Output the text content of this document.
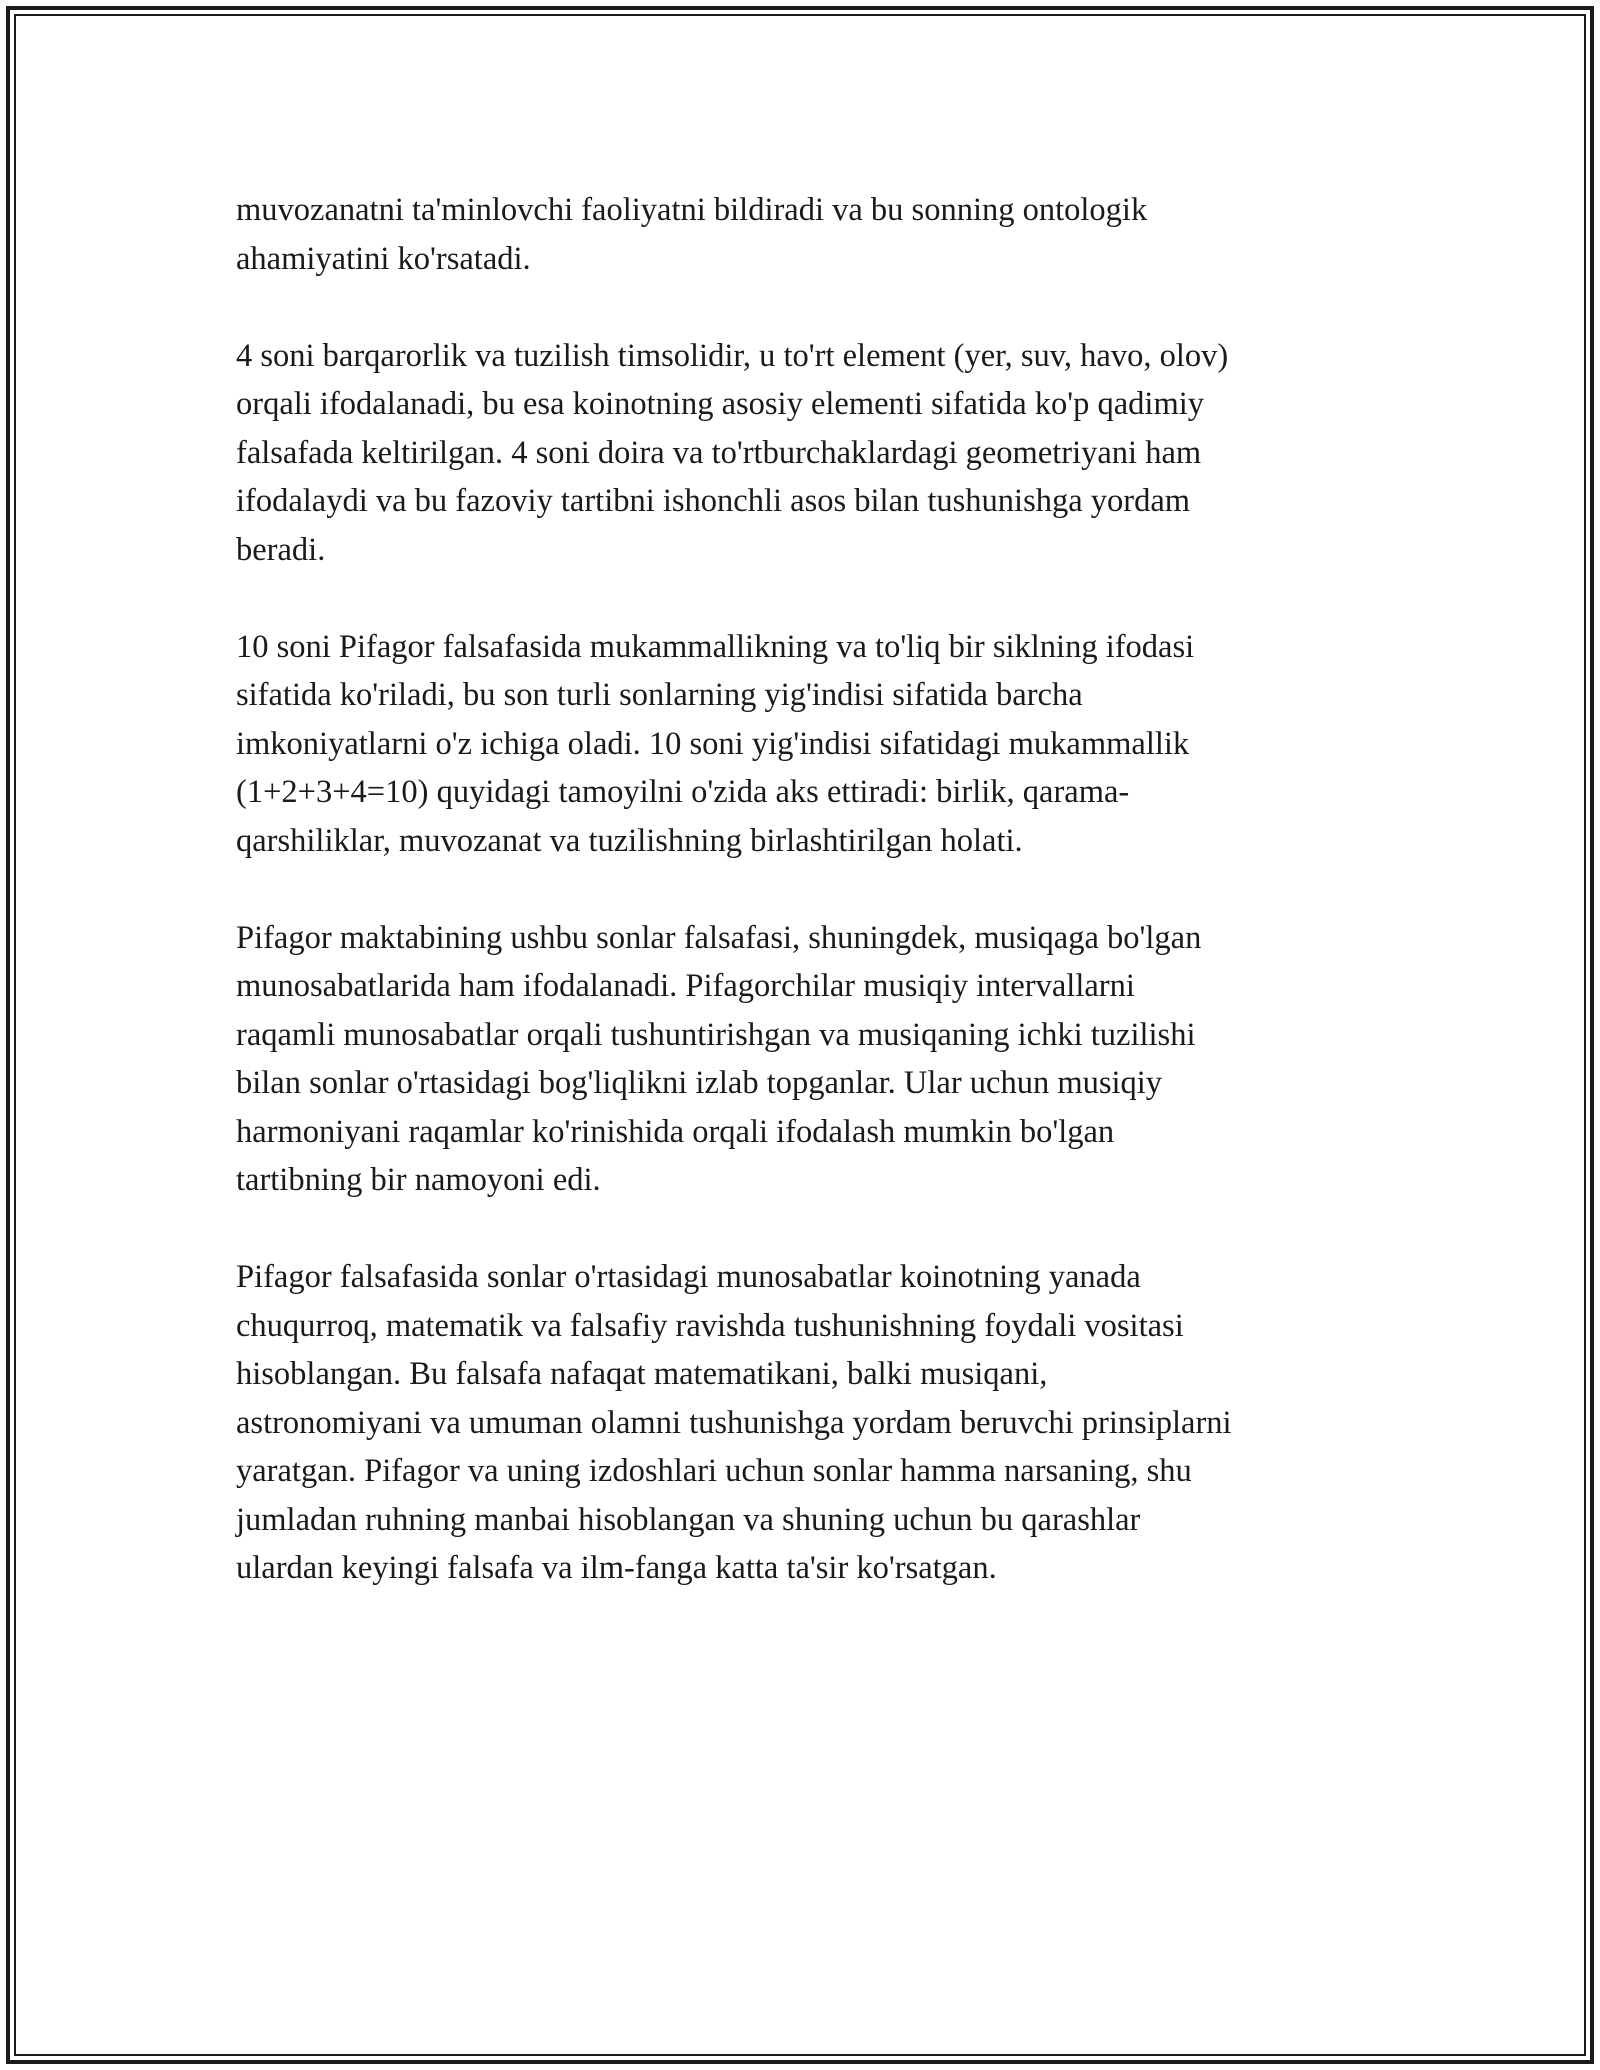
muvozanatni ta'minlovchi faoliyatni bildiradi va bu sonning ontologik
ahamiyatini ko'rsatadi.

4 soni barqarorlik va tuzilish timsolidir, u to'rt element (yer, suv, havo, olov)
orqali ifodalanadi, bu esa koinotning asosiy elementi sifatida ko'p qadimiy
falsafada keltirilgan. 4 soni doira va to'rtburchaklardagi geometriyani ham
ifodalaydi va bu fazoviy tartibni ishonchli asos bilan tushunishga yordam
beradi.

10 soni Pifagor falsafasida mukammallikning va to'liq bir siklning ifodasi
sifatida ko'riladi, bu son turli sonlarning yig'indisi sifatida barcha
imkoniyatlarni o'z ichiga oladi. 10 soni yig'indisi sifatidagi mukammallik
(1+2+3+4=10) quyidagi tamoyilni o'zida aks ettiradi: birlik, qarama-
qarshiliklar, muvozanat va tuzilishning birlashtirilgan holati.

Pifagor maktabining ushbu sonlar falsafasi, shuningdek, musiqaga bo'lgan
munosabatlarida ham ifodalanadi. Pifagorchilar musiqiy intervallarni
raqamli munosabatlar orqali tushuntirishgan va musiqaning ichki tuzilishi
bilan sonlar o'rtasidagi bog'liqlikni izlab topganlar. Ular uchun musiqiy
harmoniyani raqamlar ko'rinishida orqali ifodalash mumkin bo'lgan
tartibning bir namoyoni edi.

Pifagor falsafasida sonlar o'rtasidagi munosabatlar koinotning yanada
chuqurroq, matematik va falsafiy ravishda tushunishning foydali vositasi
hisoblangan. Bu falsafa nafaqat matematikani, balki musiqani,
astronomiyani va umuman olamni tushunishga yordam beruvchi prinsiplarni
yaratgan. Pifagor va uning izdoshlari uchun sonlar hamma narsaning, shu
jumladan ruhning manbai hisoblangan va shuning uchun bu qarashlar
ulardan keyingi falsafa va ilm-fanga katta ta'sir ko'rsatgan.
